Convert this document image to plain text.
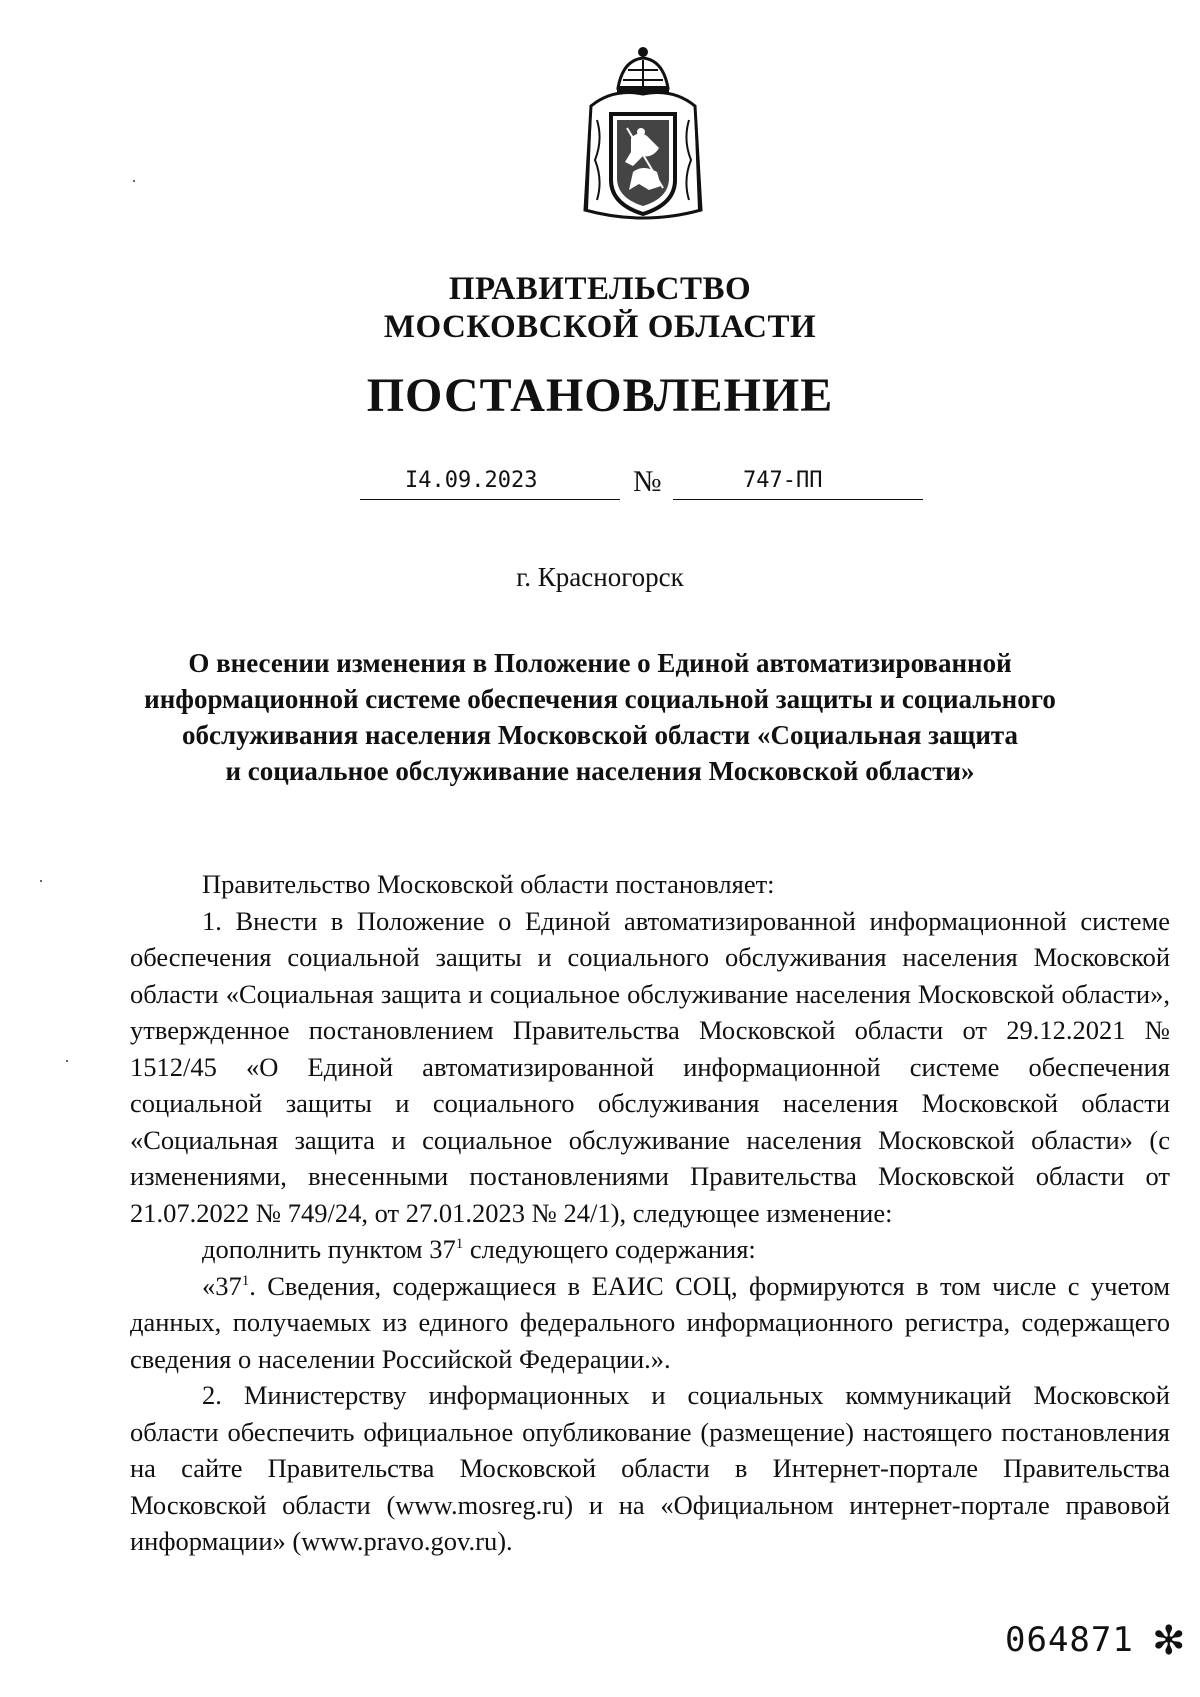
ПРАВИТЕЛЬСТВО
МОСКОВСКОЙ ОБЛАСТИ
ПОСТАНОВЛЕНИЕ
I4.09.2023	№	747-ПП
г. Красногорск
О внесении изменения в Положение о Единой автоматизированной
информационной системе обеспечения социальной защиты и социального
обслуживания населения Московской области «Социальная защита
и социальное обслуживание населения Московской области»

Правительство Московской области постановляет:

1. Внести в Положение о Единой автоматизированной информационной системе обеспечения социальной защиты и социального обслуживания населения Московской области «Социальная защита и социальное обслуживание населения Московской области», утвержденное постановлением Правительства Московской области от 29.12.2021 № 1512/45 «О Единой автоматизированной информационной системе обеспечения социальной защиты и социального обслуживания населения Московской области «Социальная защита и социальное обслуживание населения Московской области» (с изменениями, внесенными постановлениями Правительства Московской области от 21.07.2022 № 749/24, от 27.01.2023 № 24/1), следующее изменение:

дополнить пунктом $37^1$ следующего содержания:

«$37^1$. Сведения, содержащиеся в ЕАИС СОЦ, формируются в том числе с учетом данных, получаемых из единого федерального информационного регистра, содержащего сведения о населении Российской Федерации.».

2. Министерству информационных и социальных коммуникаций Московской области обеспечить официальное опубликование (размещение) настоящего постановления на сайте Правительства Московской области в Интернет-портале Правительства Московской области (www.mosreg.ru) и на «Официальном интернет-портале правовой информации» (www.pravo.gov.ru).

064871 ✻
